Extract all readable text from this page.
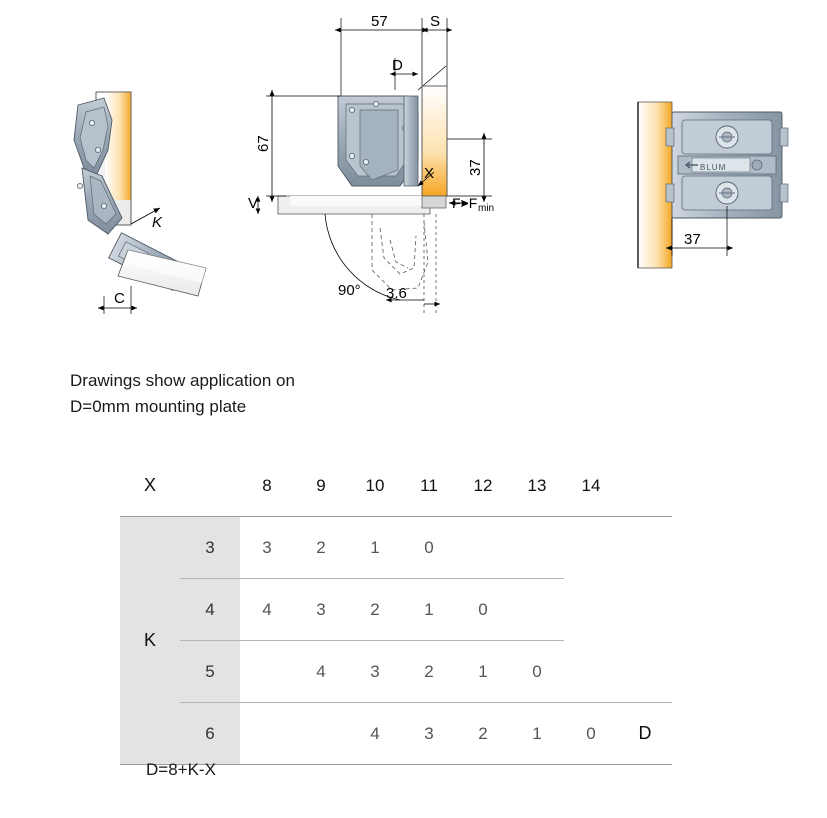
K
C
57	S
D
67
V
37
X
F>F min
90° 3.6
BLUM
37
Drawings show application on
D=0mm mounting plate
X		8	9	10	11	12	13	14	
	3	3	2	1	0				
K	4	4	3	2	1	0			
	5		4	3	2	1	0		
	6			4	3	2	1	0	D
D=8+K-X
